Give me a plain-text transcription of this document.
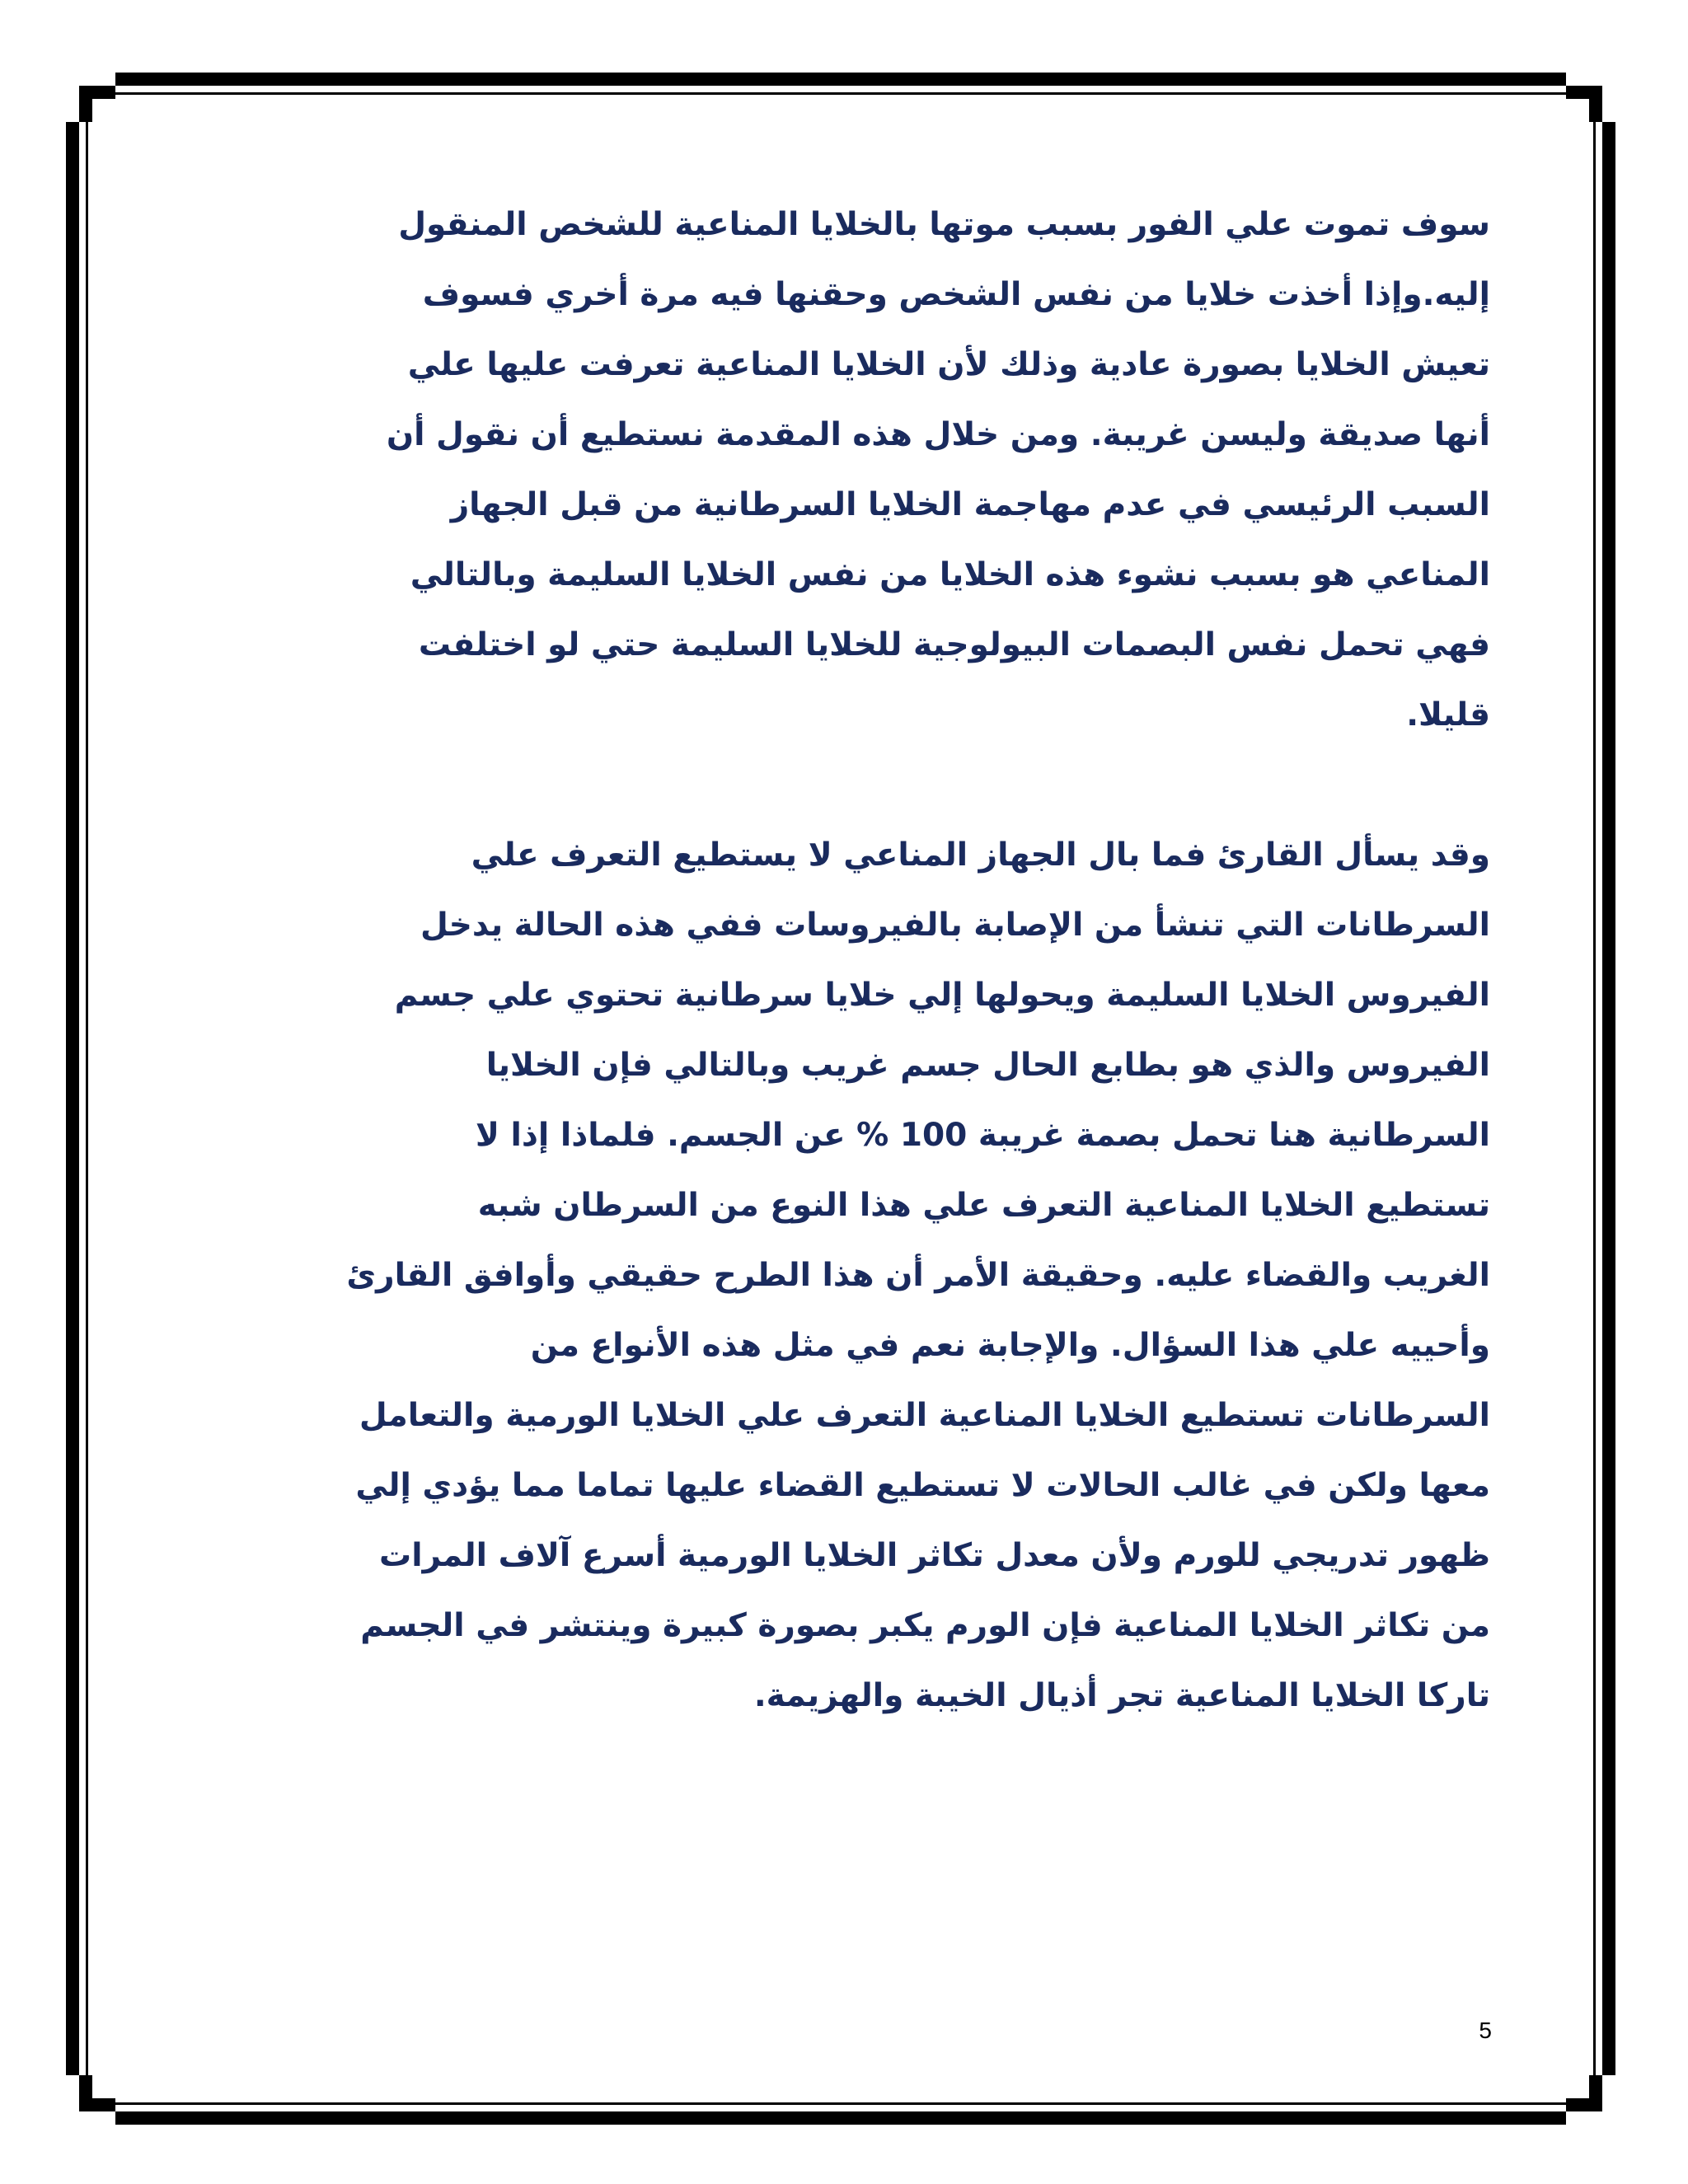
سوف تموت علي الفور بسبب موتها بالخلايا المناعية للشخص المنقول
إليه.وإذا أخذت خلايا من نفس الشخص وحقنها فيه مرة أخري فسوف
تعيش الخلايا بصورة عادية وذلك لأن الخلايا المناعية تعرفت عليها علي
أنها صديقة وليسن غريبة. ومن خلال هذه المقدمة نستطيع أن نقول أن
السبب الرئيسي في عدم مهاجمة الخلايا السرطانية من قبل الجهاز
المناعي هو بسبب نشوء هذه الخلايا من نفس الخلايا السليمة وبالتالي
فهي تحمل نفس البصمات البيولوجية للخلايا السليمة حتي لو اختلفت
قليلا.
وقد يسأل القارئ فما بال الجهاز المناعي لا يستطيع التعرف علي
السرطانات التي تنشأ من الإصابة بالفيروسات ففي هذه الحالة يدخل
الفيروس الخلايا السليمة ويحولها إلي خلايا سرطانية تحتوي علي جسم
الفيروس والذي هو بطابع الحال جسم غريب وبالتالي فإن الخلايا
السرطانية هنا تحمل بصمة غريبة 100 % عن الجسم. فلماذا إذا لا
تستطيع الخلايا المناعية التعرف علي هذا النوع من السرطان شبه
الغريب والقضاء عليه. وحقيقة الأمر أن هذا الطرح حقيقي وأوافق القارئ
وأحييه علي هذا السؤال. والإجابة نعم في مثل هذه الأنواع من
السرطانات تستطيع الخلايا المناعية التعرف علي الخلايا الورمية والتعامل
معها ولكن في غالب الحالات لا تستطيع القضاء عليها تماما مما يؤدي إلي
ظهور تدريجي للورم ولأن معدل تكاثر الخلايا الورمية أسرع آلاف المرات
من تكاثر الخلايا المناعية فإن الورم يكبر بصورة كبيرة وينتشر في الجسم
تاركا الخلايا المناعية تجر أذيال الخيبة والهزيمة.
5
